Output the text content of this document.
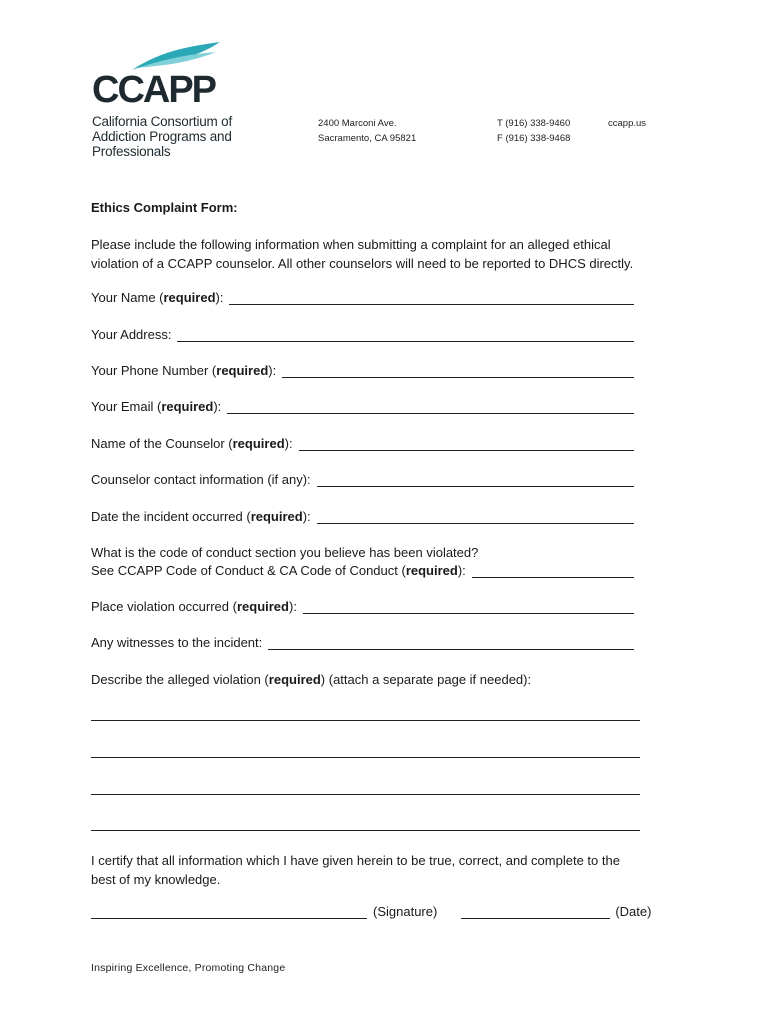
CCAPP
California Consortium of
Addiction Programs and
Professionals
2400 Marconi Ave.
Sacramento, CA 95821
T (916) 338-9460
F (916) 338-9468
ccapp.us
Ethics Complaint Form:
Please include the following information when submitting a complaint for an alleged ethical
violation of a CCAPP counselor. All other counselors will need to be reported to DHCS directly.
Your Name (required):
Your Address:
Your Phone Number (required):
Your Email (required):
Name of the Counselor (required):
Counselor contact information (if any):
Date the incident occurred (required):
What is the code of conduct section you believe has been violated?
See CCAPP Code of Conduct & CA Code of Conduct (required):
Place violation occurred (required):
Any witnesses to the incident:
Describe the alleged violation (required) (attach a separate page if needed):
I certify that all information which I have given herein to be true, correct, and complete to the
best of my knowledge.
(Signature)	(Date)
Inspiring Excellence, Promoting Change
